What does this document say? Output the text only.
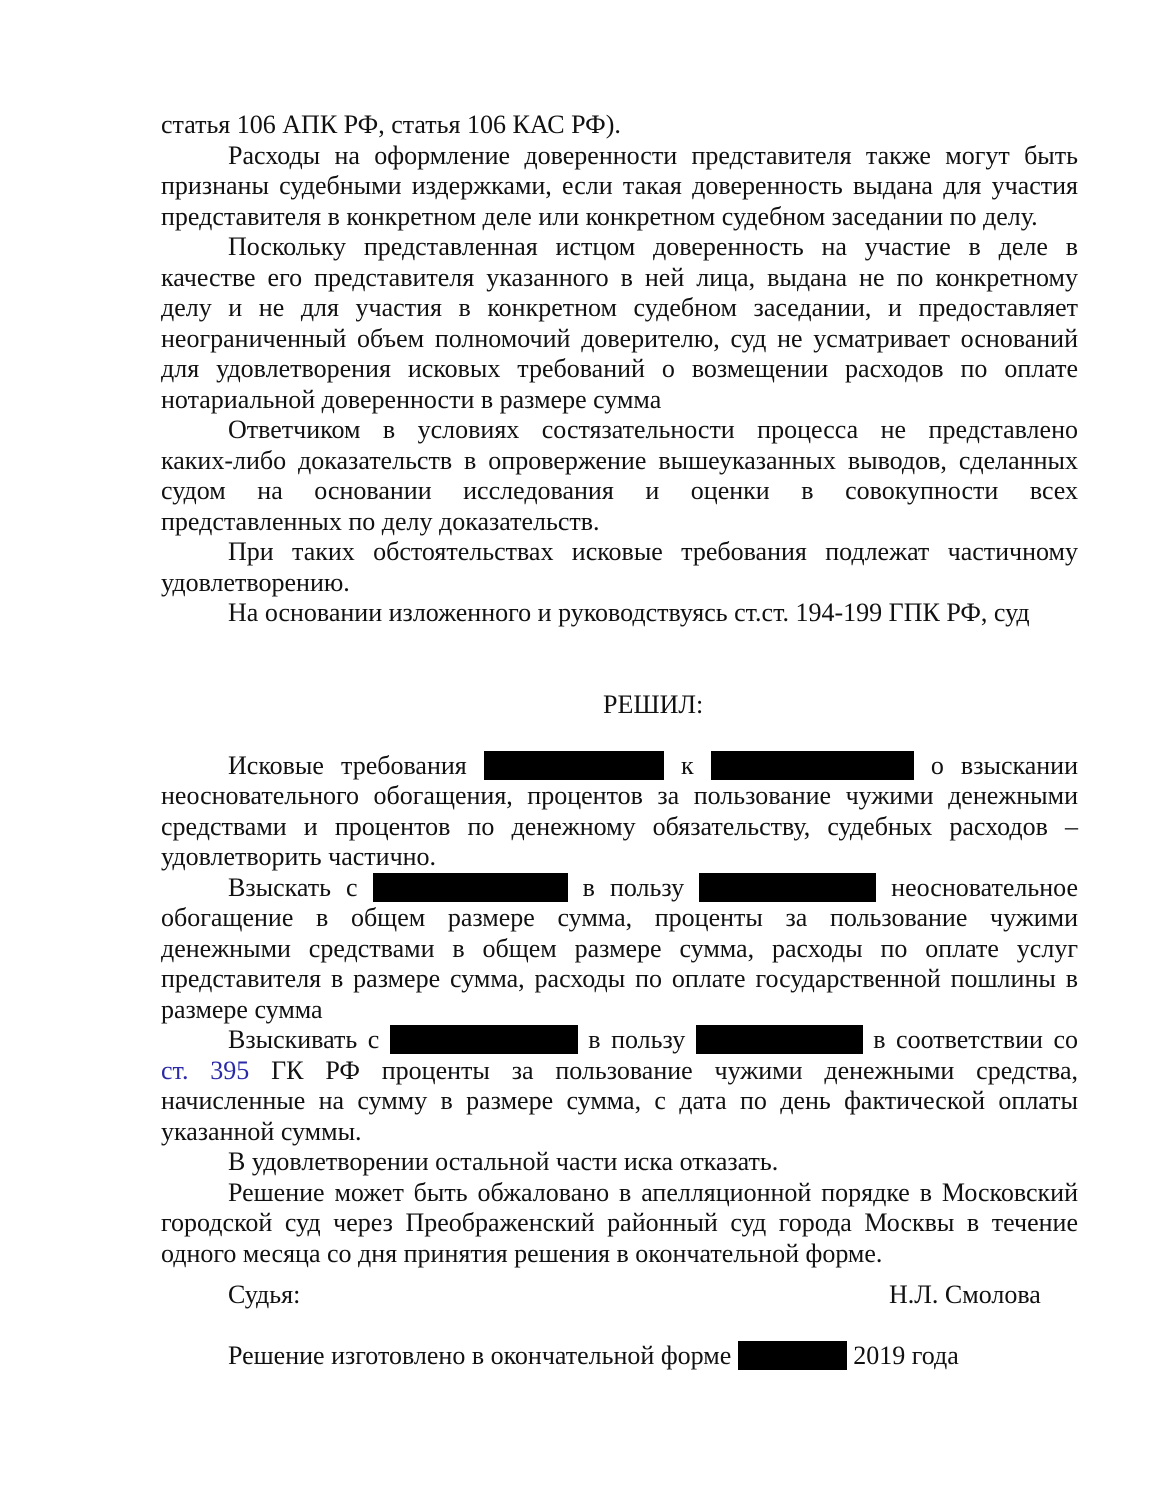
статья 106 АПК РФ, статья 106 КАС РФ).
Расходы на оформление доверенности представителя также могут быть
признаны судебными издержками, если такая доверенность выдана для участия
представителя в конкретном деле или конкретном судебном заседании по делу.
Поскольку представленная истцом доверенность на участие в деле в
качестве его представителя указанного в ней лица, выдана не по конкретному
делу и не для участия в конкретном судебном заседании, и предоставляет
неограниченный объем полномочий доверителю, суд не усматривает оснований
для удовлетворения исковых требований о возмещении расходов по оплате
нотариальной доверенности в размере сумма
Ответчиком в условиях состязательности процесса не представлено
каких-либо доказательств в опровержение вышеуказанных выводов, сделанных
судом на основании исследования и оценки в совокупности всех
представленных по делу доказательств.
При таких обстоятельствах исковые требования подлежат частичному
удовлетворению.
На основании изложенного и руководствуясь ст.ст. 194-199 ГПК РФ, суд
РЕШИЛ:
Исковые требования	к	о взыскании
неосновательного обогащения, процентов за пользование чужими денежными
средствами и процентов по денежному обязательству, судебных расходов –
удовлетворить частично.
Взыскать с	в пользу	неосновательное
обогащение в общем размере сумма, проценты за пользование чужими
денежными средствами в общем размере сумма, расходы по оплате услуг
представителя в размере сумма, расходы по оплате государственной пошлины в
размере сумма
Взыскивать с	в пользу	в соответствии со
ст. 395 ГК РФ проценты за пользование чужими денежными средства,
начисленные на сумму в размере сумма, с дата по день фактической оплаты
указанной суммы.
В удовлетворении остальной части иска отказать.
Решение может быть обжаловано в апелляционной порядке в Московский
городской суд через Преображенский районный суд города Москвы в течение
одного месяца со дня принятия решения в окончательной форме.
Судья:	Н.Л. Смолова
Решение изготовлено в окончательной форме	2019 года
